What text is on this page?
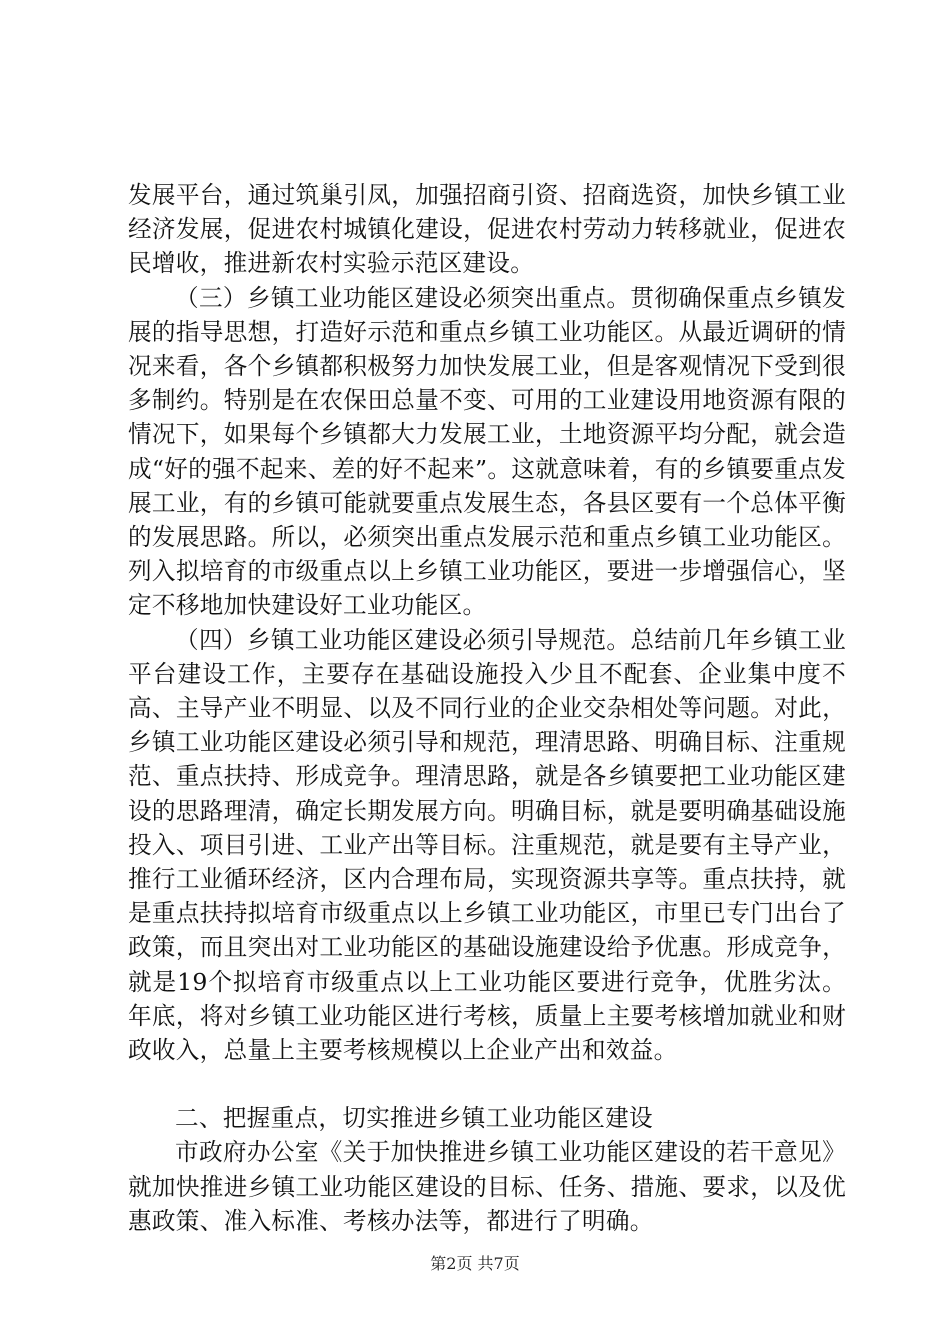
发展平台，通过筑巢引凤，加强招商引资、招商选资，加快乡镇工业经济发展，促进农村城镇化建设，促进农村劳动力转移就业，促进农民增收，推进新农村实验示范区建设。

（三）乡镇工业功能区建设必须突出重点。贯彻确保重点乡镇发展的指导思想，打造好示范和重点乡镇工业功能区。从最近调研的情况来看，各个乡镇都积极努力加快发展工业，但是客观情况下受到很多制约。特别是在农保田总量不变、可用的工业建设用地资源有限的情况下，如果每个乡镇都大力发展工业，土地资源平均分配，就会造成“好的强不起来、差的好不起来”。这就意味着，有的乡镇要重点发展工业，有的乡镇可能就要重点发展生态，各县区要有一个总体平衡的发展思路。所以，必须突出重点发展示范和重点乡镇工业功能区。列入拟培育的市级重点以上乡镇工业功能区，要进一步增强信心，坚定不移地加快建设好工业功能区。

（四）乡镇工业功能区建设必须引导规范。总结前几年乡镇工业平台建设工作，主要存在基础设施投入少且不配套、企业集中度不高、主导产业不明显、以及不同行业的企业交杂相处等问题。对此，乡镇工业功能区建设必须引导和规范，理清思路、明确目标、注重规范、重点扶持、形成竞争。理清思路，就是各乡镇要把工业功能区建设的思路理清，确定长期发展方向。明确目标，就是要明确基础设施投入、项目引进、工业产出等目标。注重规范，就是要有主导产业，推行工业循环经济，区内合理布局，实现资源共享等。重点扶持，就是重点扶持拟培育市级重点以上乡镇工业功能区，市里已专门出台了政策，而且突出对工业功能区的基础设施建设给予优惠。形成竞争，就是19个拟培育市级重点以上工业功能区要进行竞争，优胜劣汰。年底，将对乡镇工业功能区进行考核，质量上主要考核增加就业和财政收入，总量上主要考核规模以上企业产出和效益。

二、把握重点，切实推进乡镇工业功能区建设

市政府办公室《关于加快推进乡镇工业功能区建设的若干意见》就加快推进乡镇工业功能区建设的目标、任务、措施、要求，以及优惠政策、准入标准、考核办法等，都进行了明确。

第2页 共7页
